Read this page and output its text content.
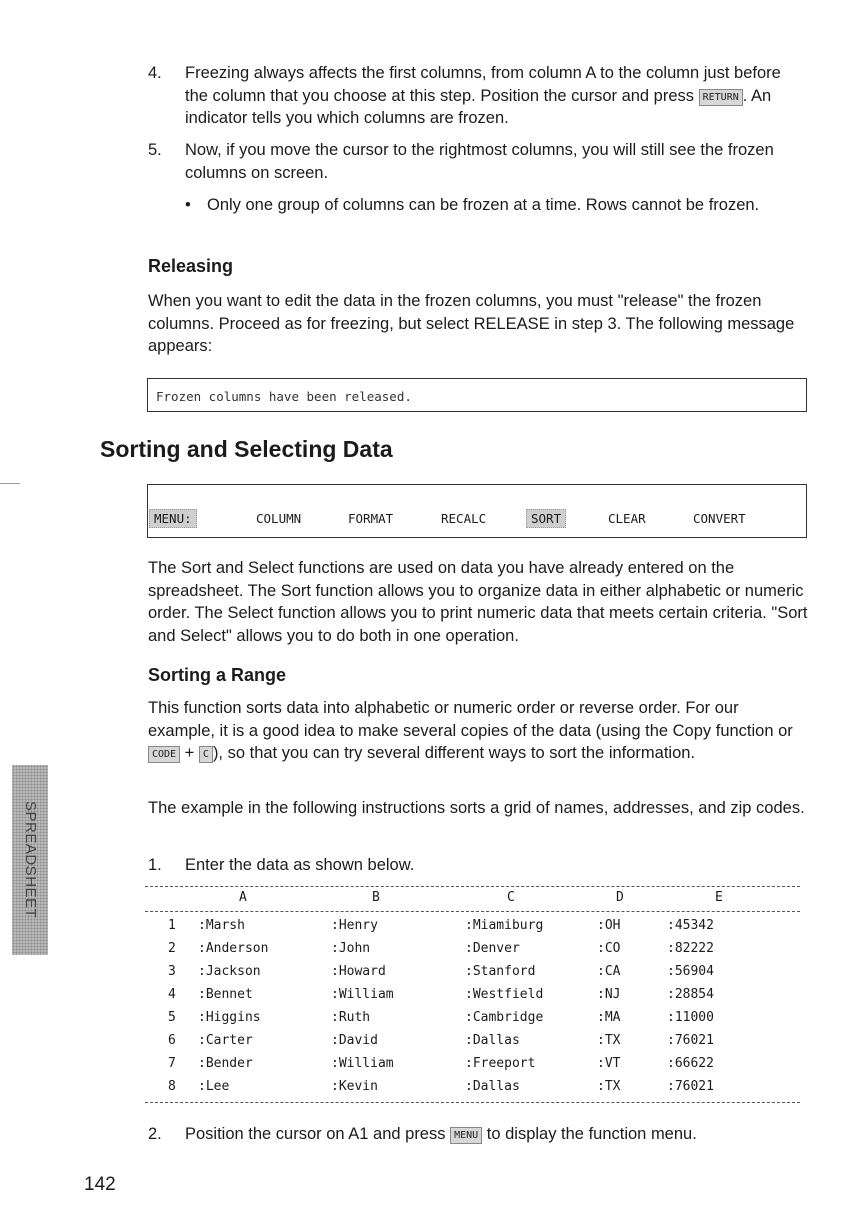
4. Freezing always affects the first columns, from column A to the column just before the column that you choose at this step. Position the cursor and press RETURN . An indicator tells you which columns are frozen.
5. Now, if you move the cursor to the rightmost columns, you will still see the frozen columns on screen.
• Only one group of columns can be frozen at a time. Rows cannot be frozen.
Releasing
When you want to edit the data in the frozen columns, you must "release" the frozen columns. Proceed as for freezing, but select RELEASE in step 3. The following message appears:
Frozen columns have been released.
Sorting and Selecting Data
MENU:	COLUMN	FORMAT	RECALC	SORT	CLEAR	CONVERT
The Sort and Select functions are used on data you have already entered on the spreadsheet. The Sort function allows you to organize data in either alphabetic or numeric order. The Select function allows you to print numeric data that meets certain criteria. "Sort and Select" allows you to do both in one operation.
Sorting a Range
This function sorts data into alphabetic or numeric order or reverse order. For our example, it is a good idea to make several copies of the data (using the Copy function or CODE + C ), so that you can try several different ways to sort the information.
The example in the following instructions sorts a grid of names, addresses, and zip codes.
1. Enter the data as shown below.
A	B	C	D	E
1 :Marsh	:Henry	:Miamiburg	:OH	:45342
2 :Anderson	:John	:Denver	:CO	:82222
3 :Jackson	:Howard	:Stanford	:CA	:56904
4 :Bennet	:William	:Westfield	:NJ	:28854
5 :Higgins	:Ruth	:Cambridge	:MA	:11000
6 :Carter	:David	:Dallas	:TX	:76021
7 :Bender	:William	:Freeport	:VT	:66622
8 :Lee	:Kevin	:Dallas	:TX	:76021
2. Position the cursor on A1 and press MENU to display the function menu.
SPREADSHEET
142
